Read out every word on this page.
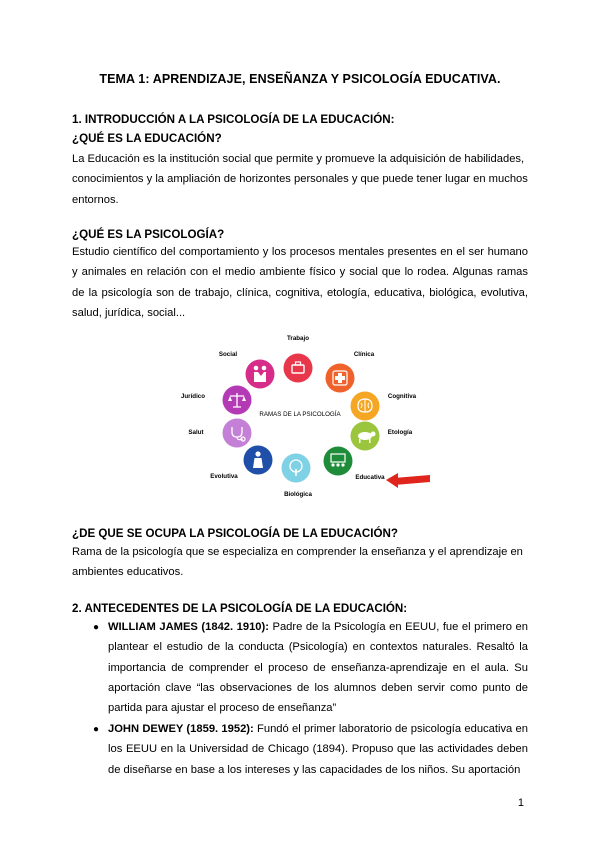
TEMA 1: APRENDIZAJE, ENSEÑANZA Y PSICOLOGÍA EDUCATIVA.
1. INTRODUCCIÓN A LA PSICOLOGÍA DE LA EDUCACIÓN:
¿QUÉ ES LA EDUCACIÓN?
La Educación es la institución social que permite y promueve la adquisición de habilidades, conocimientos y la ampliación de horizontes personales y que puede tener lugar en muchos entornos.
¿QUÉ ES LA PSICOLOGÍA?
Estudio científico del comportamiento y los procesos mentales presentes en el ser humano y animales en relación con el medio ambiente físico y social que lo rodea. Algunas ramas de la psicología son de trabajo, clínica, cognitiva, etología, educativa, biológica, evolutiva, salud, jurídica, social...
RAMAS DE LA PSICOLOGÍA
Trabajo
Clínica
Cognitiva
Etología
Educativa
Biológica
Evolutiva
Salut
Jurídico
Social
¿DE QUE SE OCUPA LA PSICOLOGÍA DE LA EDUCACIÓN?
Rama de la psicología que se especializa en comprender la enseñanza y el aprendizaje en ambientes educativos.
2. ANTECEDENTES DE LA PSICOLOGÍA DE LA EDUCACIÓN:
● WILLIAM JAMES (1842. 1910): Padre de la Psicología en EEUU, fue el primero en plantear el estudio de la conducta (Psicología) en contextos naturales. Resaltó la importancia de comprender el proceso de enseñanza-aprendizaje en el aula. Su aportación clave “las observaciones de los alumnos deben servir como punto de partida para ajustar el proceso de enseñanza”
● JOHN DEWEY (1859. 1952): Fundó el primer laboratorio de psicología educativa en los EEUU en la Universidad de Chicago (1894). Propuso que las actividades deben de diseñarse en base a los intereses y las capacidades de los niños. Su aportación
1
